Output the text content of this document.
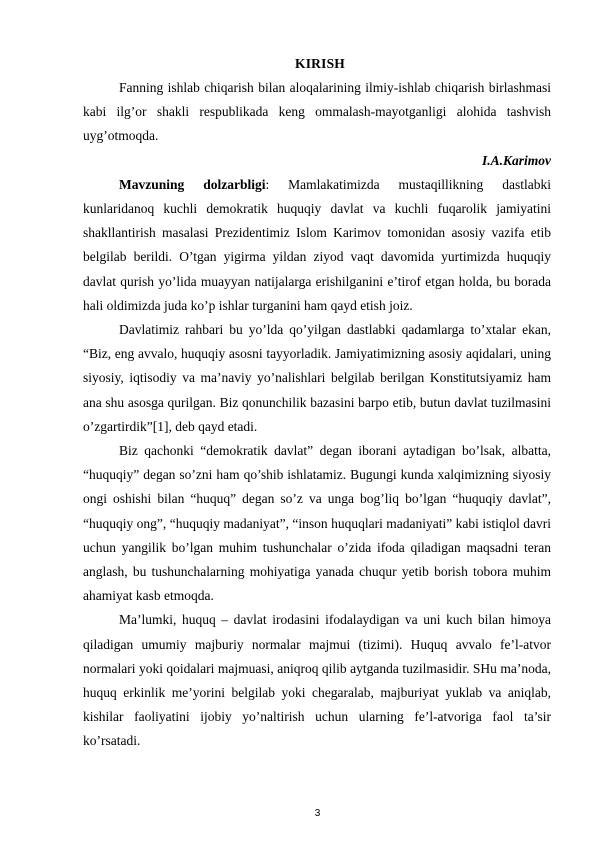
KIRISH

Fanning ishlab chiqarish bilan aloqalarining ilmiy-ishlab chiqarish birlashmasi kabi ilg’or shakli respublikada keng ommalash-mayotganligi alohida tashvish uyg’otmoqda.

I.A.Karimov

Mavzuning dolzarbligi: Mamlakatimizda mustaqillikning dastlabki kunlaridanoq kuchli demokratik huquqiy davlat va kuchli fuqarolik jamiyatini shakllantirish masalasi Prezidentimiz Islom Karimov tomonidan asosiy vazifa etib belgilab berildi. O’tgan yigirma yildan ziyod vaqt davomida yurtimizda huquqiy davlat qurish yo’lida muayyan natijalarga erishilganini e’tirof etgan holda, bu borada hali oldimizda juda ko’p ishlar turganini ham qayd etish joiz.

Davlatimiz rahbari bu yo’lda qo’yilgan dastlabki qadamlarga to’xtalar ekan, “Biz, eng avvalo, huquqiy asosni tayyorladik. Jamiyatimizning asosiy aqidalari, uning siyosiy, iqtisodiy va ma’naviy yo’nalishlari belgilab berilgan Konstitutsiyamiz ham ana shu asosga qurilgan. Biz qonunchilik bazasini barpo etib, butun davlat tuzilmasini o’zgartirdik”[1], deb qayd etadi.

Biz qachonki “demokratik davlat” degan iborani aytadigan bo’lsak, albatta, “huquqiy” degan so’zni ham qo’shib ishlatamiz. Bugungi kunda xalqimizning siyosiy ongi oshishi bilan “huquq” degan so’z va unga bog’liq bo’lgan “huquqiy davlat”, “huquqiy ong”, “huquqiy madaniyat”, “inson huquqlari madaniyati” kabi istiqlol davri uchun yangilik bo’lgan muhim tushunchalar o’zida ifoda qiladigan maqsadni teran anglash, bu tushunchalarning mohiyatiga yanada chuqur yetib borish tobora muhim ahamiyat kasb etmoqda.

Ma’lumki, huquq – davlat irodasini ifodalaydigan va uni kuch bilan himoya qiladigan umumiy majburiy normalar majmui (tizimi). Huquq avvalo fe’l-atvor normalari yoki qoidalari majmuasi, aniqroq qilib aytganda tuzilmasidir. SHu ma’noda, huquq erkinlik me’yorini belgilab yoki chegaralab, majburiyat yuklab va aniqlab, kishilar faoliyatini ijobiy yo’naltirish uchun ularning fe’l-atvoriga faol ta’sir ko’rsatadi.

3
